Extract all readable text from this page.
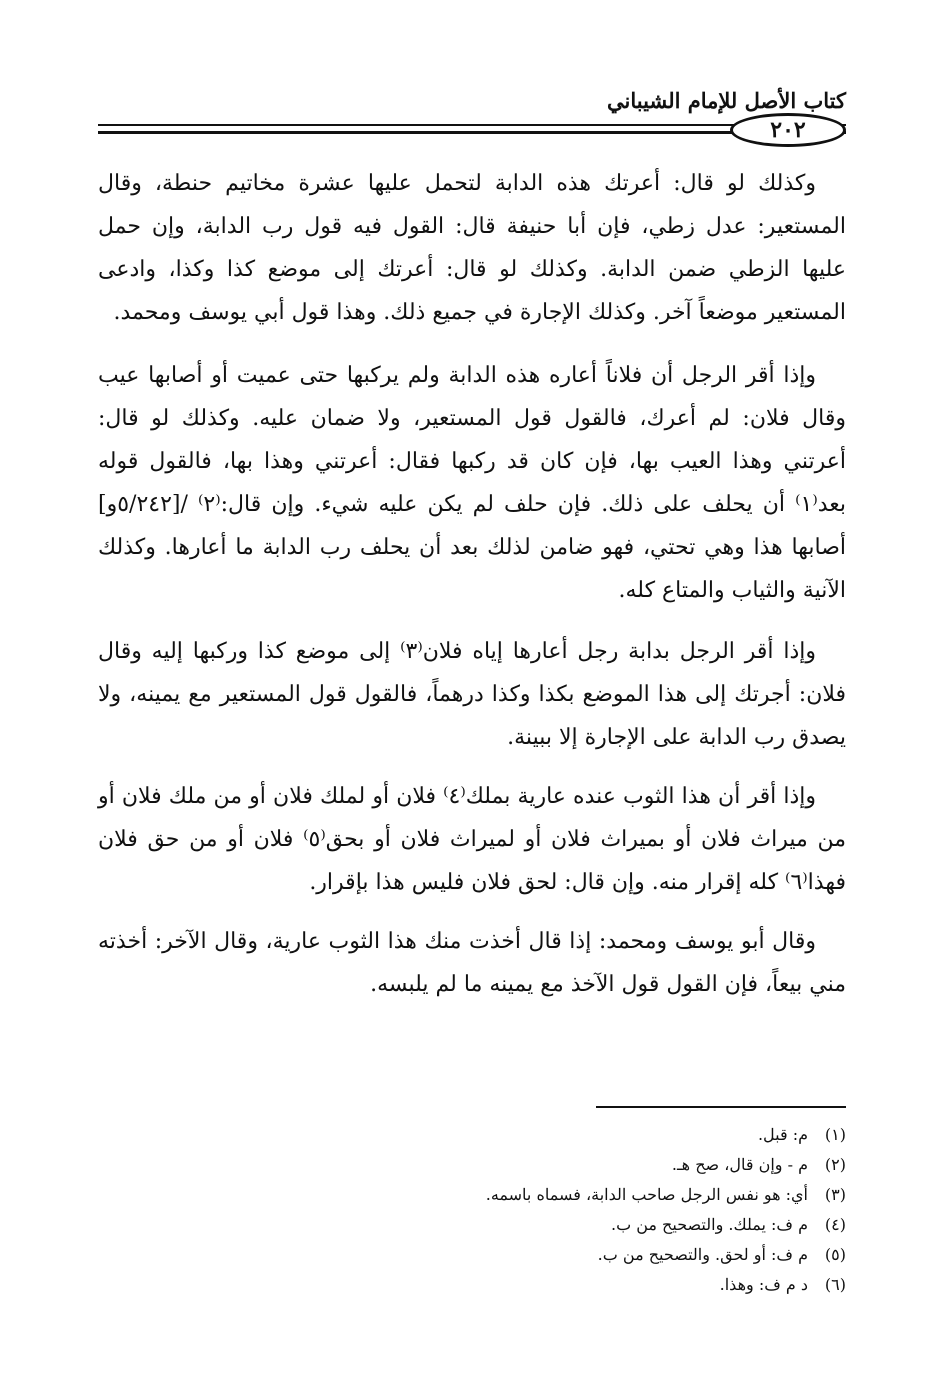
كتاب الأصل للإمام الشيباني
٢٠٢

وكذلك لو قال: أعرتك هذه الدابة لتحمل عليها عشرة مخاتيم حنطة، وقال المستعير: عدل زطي، فإن أبا حنيفة قال: القول فيه قول رب الدابة، وإن حمل عليها الزطي ضمن الدابة. وكذلك لو قال: أعرتك إلى موضع كذا وكذا، وادعى المستعير موضعاً آخر. وكذلك الإجارة في جميع ذلك. وهذا قول أبي يوسف ومحمد.

وإذا أقر الرجل أن فلاناً أعاره هذه الدابة ولم يركبها حتى عميت أو أصابها عيب وقال فلان: لم أعرك، فالقول قول المستعير، ولا ضمان عليه. وكذلك لو قال: أعرتني وهذا العيب بها، فإن كان قد ركبها فقال: أعرتني وهذا بها، فالقول قوله بعد⁽١⁾ أن يحلف على ذلك. فإن حلف لم يكن عليه شيء. وإن قال:⁽٢⁾ /[٥/٢٤٢و] أصابها هذا وهي تحتي، فهو ضامن لذلك بعد أن يحلف رب الدابة ما أعارها. وكذلك الآنية والثياب والمتاع كله.

وإذا أقر الرجل بدابة رجل أعارها إياه فلان⁽٣⁾ إلى موضع كذا وركبها إليه وقال فلان: أجرتك إلى هذا الموضع بكذا وكذا درهماً، فالقول قول المستعير مع يمينه، ولا يصدق رب الدابة على الإجارة إلا ببينة.

وإذا أقر أن هذا الثوب عنده عارية بملك⁽٤⁾ فلان أو لملك فلان أو من ملك فلان أو من ميراث فلان أو بميراث فلان أو لميراث فلان أو بحق⁽٥⁾ فلان أو من حق فلان فهذا⁽٦⁾ كله إقرار منه. وإن قال: لحق فلان فليس هذا بإقرار.

وقال أبو يوسف ومحمد: إذا قال أخذت منك هذا الثوب عارية، وقال الآخر: أخذته مني بيعاً، فإن القول قول الآخذ مع يمينه ما لم يلبسه.

(١)
م: قبل.
(٢)
م - وإن قال، صح هـ.
(٣)
أي: هو نفس الرجل صاحب الدابة، فسماه باسمه.
(٤)
م ف: يملك. والتصحيح من ب.
(٥)
م ف: أو لحق. والتصحيح من ب.
(٦)
د م ف: وهذا.
